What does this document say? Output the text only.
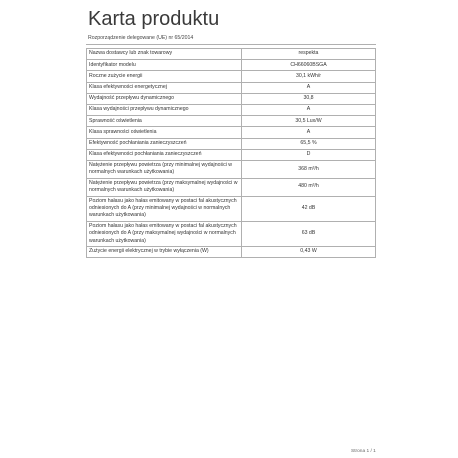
Karta produktu
Rozporządzenie delegowane (UE) nr 65/2014
Nazwa dostawcy lub znak towarowy	respekta
Identyfikator modelu	CH66060BSGA
Roczne zużycie energii	30,1 kWh/r
Klasa efektywności energetycznej	A
Wydajność przepływu dynamicznego	30,8
Klasa wydajności przepływu dynamicznego	A
Sprawność oświetlenia	30,5 Lux/W
Klasa sprawności oświetlenia	A
Efektywność pochłaniania zanieczyszczeń	65,5 %
Klasa efektywności pochłaniania zanieczyszczeń	D
Natężenie przepływu powietrza (przy minimalnej wydajności w normalnych warunkach użytkowania)	368 m³/h
Natężenie przepływu powietrza (przy maksymalnej wydajności w normalnych warunkach użytkowania)	480 m³/h
Poziom hałasu jako hałas emitowany w postaci fal akustycznych odniesionych do A (przy minimalnej wydajności w normalnych warunkach użytkowania)	42 dB
Poziom hałasu jako hałas emitowany w postaci fal akustycznych odniesionych do A (przy maksymalnej wydajności w normalnych warunkach użytkowania)	63 dB
Zużycie energii elektrycznej w trybie wyłączenia (W)	0,43 W
Strona 1 / 1
